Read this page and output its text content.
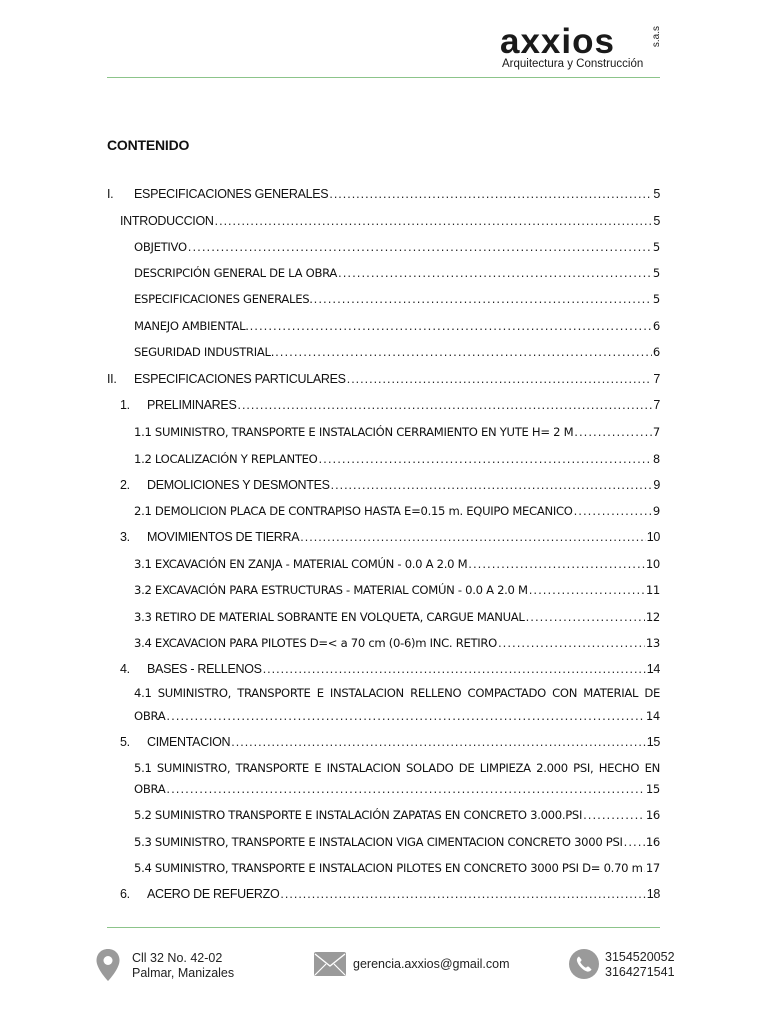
axxios	s.a.s
Arquitectura y Construcción
CONTENIDO
I. ESPECIFICACIONES GENERALES .....	5
INTRODUCCION .....	5
OBJETIVO .....	5
DESCRIPCIÓN GENERAL DE LA OBRA .....	5
ESPECIFICACIONES GENERALES. .....	5
MANEJO AMBIENTAL. .....	6
SEGURIDAD INDUSTRIAL. .....	6
II. ESPECIFICACIONES PARTICULARES .....	7
1. PRELIMINARES .....	7
1.1 SUMINISTRO, TRANSPORTE E INSTALACIÓN CERRAMIENTO EN YUTE H= 2 M .....	7
1.2 LOCALIZACIÓN Y REPLANTEO .....	8
2. DEMOLICIONES Y DESMONTES .....	9
2.1 DEMOLICION PLACA DE CONTRAPISO HASTA E=0.15 m. EQUIPO MECANICO .....	9
3. MOVIMIENTOS DE TIERRA .....	10
3.1 EXCAVACIÓN EN ZANJA - MATERIAL COMÚN - 0.0 A 2.0 M .....	10
3.2 EXCAVACIÓN PARA ESTRUCTURAS - MATERIAL COMÚN - 0.0 A 2.0 M .....	11
3.3 RETIRO DE MATERIAL SOBRANTE EN VOLQUETA, CARGUE MANUAL .....	12
3.4 EXCAVACION PARA PILOTES D=< a 70 cm (0-6)m INC. RETIRO .....	13
4. BASES - RELLENOS .....	14
4.1 SUMINISTRO, TRANSPORTE E INSTALACION RELLENO COMPACTADO CON MATERIAL DE
OBRA .....	14
5. CIMENTACION .....	15
5.1 SUMINISTRO, TRANSPORTE E INSTALACION SOLADO DE LIMPIEZA 2.000 PSI, HECHO EN
OBRA .....	15
5.2 SUMINISTRO TRANSPORTE E INSTALACIÓN ZAPATAS EN CONCRETO 3.000.PSI .....	16
5.3 SUMINISTRO, TRANSPORTE E INSTALACION VIGA CIMENTACION CONCRETO 3000 PSI ..... 16
5.4 SUMINISTRO, TRANSPORTE E INSTALACION PILOTES EN CONCRETO 3000 PSI D= 0.70 m ..... 17
6. ACERO DE REFUERZO .....	18
Cll 32 No. 42-02
Palmar, Manizales
gerencia.axxios@gmail.com	3154520052
3164271541
